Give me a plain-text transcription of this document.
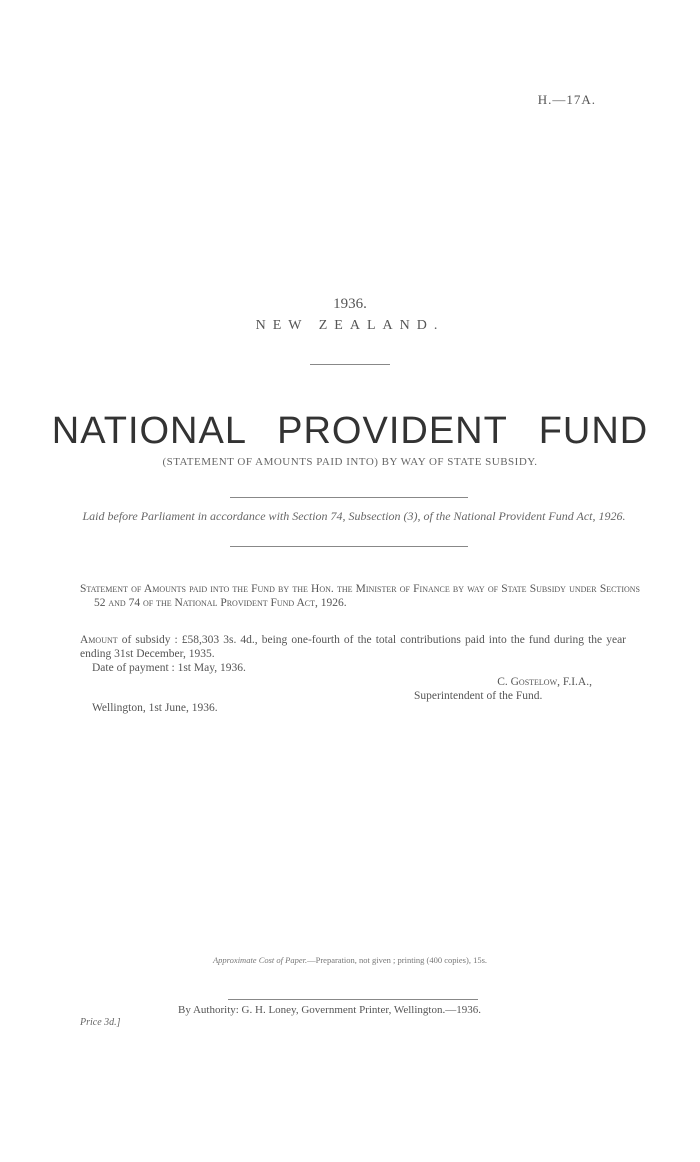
H.—17A.
1936.
NEW ZEALAND.
NATIONAL PROVIDENT FUND
(STATEMENT OF AMOUNTS PAID INTO) BY WAY OF STATE SUBSIDY.
Laid before Parliament in accordance with Section 74, Subsection (3), of the National Provident Fund Act, 1926.
Statement of Amounts paid into the Fund by the Hon. the Minister of Finance by way of State Subsidy under Sections 52 and 74 of the National Provident Fund Act, 1926.
Amount of subsidy : £58,303 3s. 4d., being one-fourth of the total contributions paid into the fund during the year ending 31st December, 1935.
Date of payment : 1st May, 1936.
C. Gostelow, F.I.A.,
Superintendent of the Fund.
Wellington, 1st June, 1936.
Approximate Cost of Paper.—Preparation, not given ; printing (400 copies), 15s.
By Authority: G. H. Loney, Government Printer, Wellington.—1936.
Price 3d.]
